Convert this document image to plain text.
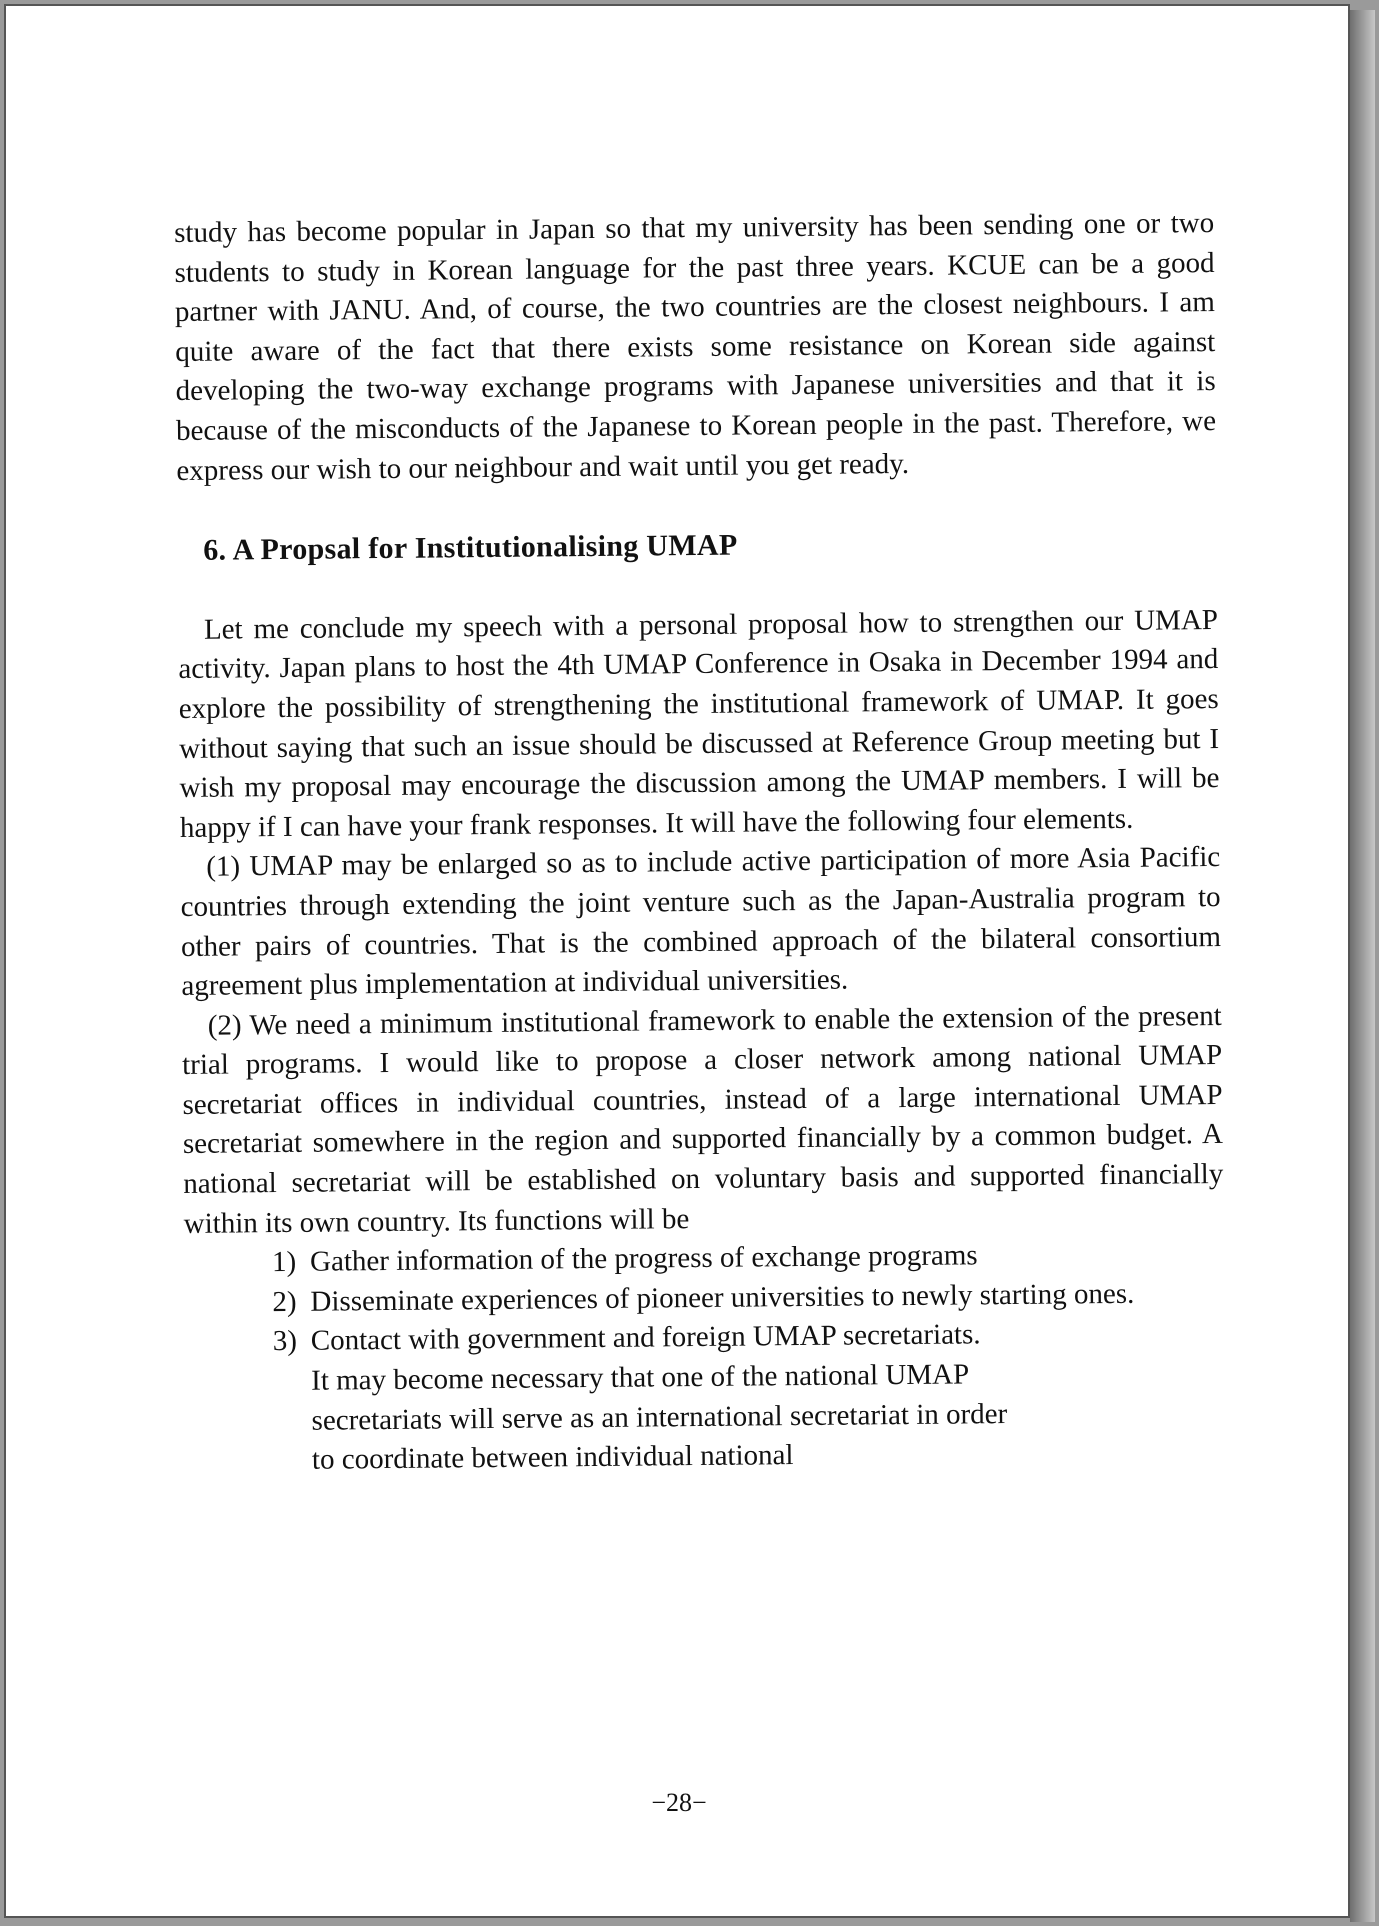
study has become popular in Japan so that my university has been sending one or two students to study in Korean language for the past three years. KCUE can be a good partner with JANU. And, of course, the two countries are the closest neighbours. I am quite aware of the fact that there exists some resistance on Korean side against developing the two-way exchange programs with Japanese universities and that it is because of the misconducts of the Japanese to Korean people in the past. Therefore, we express our wish to our neighbour and wait until you get ready.

6. A Propsal for Institutionalising UMAP

Let me conclude my speech with a personal proposal how to strengthen our UMAP activity. Japan plans to host the 4th UMAP Conference in Osaka in December 1994 and explore the possibility of strengthening the institutional framework of UMAP. It goes without saying that such an issue should be discussed at Reference Group meeting but I wish my proposal may encourage the discussion among the UMAP members. I will be happy if I can have your frank responses. It will have the following four elements.

(1) UMAP may be enlarged so as to include active participation of more Asia Pacific countries through extending the joint venture such as the Japan-Australia program to other pairs of countries. That is the combined approach of the bilateral consortium agreement plus implementation at individual universities.

(2) We need a minimum institutional framework to enable the extension of the present trial programs. I would like to propose a closer network among national UMAP secretariat offices in individual countries, instead of a large international UMAP secretariat somewhere in the region and supported financially by a common budget. A national secretariat will be established on voluntary basis and supported financially within its own country. Its functions will be

1) Gather information of the progress of exchange programs
2) Disseminate experiences of pioneer universities to newly starting ones.
3) Contact with government and foreign UMAP secretariats.
It may become necessary that one of the national UMAP
secretariats will serve as an international secretariat in order
to coordinate between individual national
−28−
